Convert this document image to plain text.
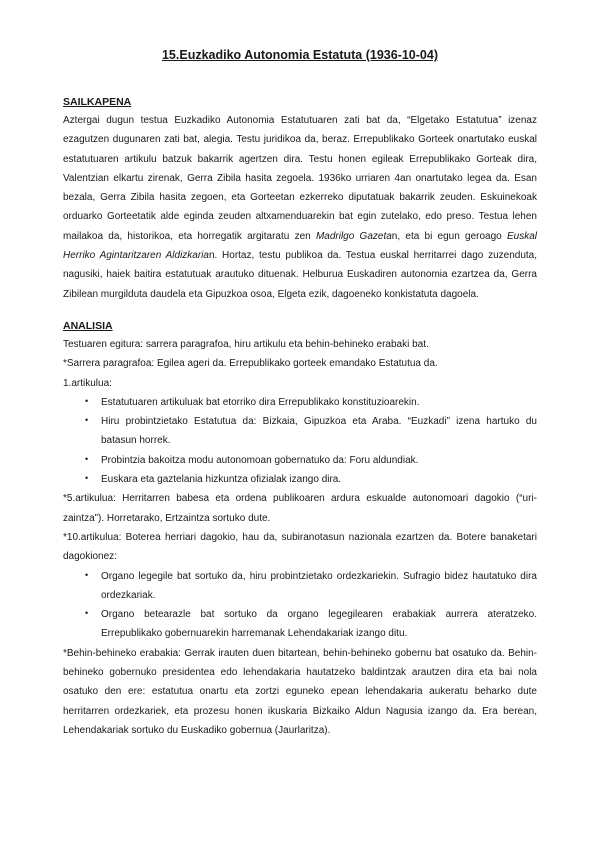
15.Euzkadiko Autonomia Estatuta (1936-10-04)
SAILKAPENA

Aztergai dugun testua Euzkadiko Autonomia Estatutuaren zati bat da, “Elgetako Estatutua” izenaz ezagutzen dugunaren zati bat, alegia. Testu juridikoa da, beraz. Errepublikako Gorteek onartutako euskal estatutuaren artikulu batzuk bakarrik agertzen dira. Testu honen egileak Errepublikako Gorteak dira, Valentzian elkartu zirenak, Gerra Zibila hasita zegoela. 1936ko urriaren 4an onartutako legea da. Esan bezala, Gerra Zibila hasita zegoen, eta Gorteetan ezkerreko diputatuak bakarrik zeuden. Eskuinekoak orduarko Gorteetatik alde eginda zeuden altxamenduarekin bat egin zutelako, edo preso. Testua lehen mailakoa da, historikoa, eta horregatik argitaratu zen Madrilgo Gazetan, eta bi egun geroago Euskal Herriko Agintaritzaren Aldizkarian. Hortaz, testu publikoa da. Testua euskal herritarrei dago zuzenduta, nagusiki, haiek baitira estatutuak arautuko dituenak. Helburua Euskadiren autonomia ezartzea da, Gerra Zibilean murgilduta daudela eta Gipuzkoa osoa, Elgeta ezik, dagoeneko konkistatuta dagoela.

ANALISIA

Testuaren egitura: sarrera paragrafoa, hiru artikulu eta behin-behineko erabaki bat.

*Sarrera paragrafoa: Egilea ageri da. Errepublikako gorteek emandako Estatutua da.

1.artikulua:

• Estatutuaren artikuluak bat etorriko dira Errepublikako konstituzioarekin.
• Hiru probintzietako Estatutua da: Bizkaia, Gipuzkoa eta Araba. “Euzkadi” izena hartuko du batasun horrek.
• Probintzia bakoitza modu autonomoan gobernatuko da: Foru aldundiak.
• Euskara eta gaztelania hizkuntza ofizialak izango dira.

*5.artikulua: Herritarren babesa eta ordena publikoaren ardura eskualde autonomoari dagokio (“uri-zaintza”). Horretarako, Ertzaintza sortuko dute.

*10.artikulua: Boterea herriari dagokio, hau da, subiranotasun nazionala ezartzen da. Botere banaketari dagokionez:

• Organo legegile bat sortuko da, hiru probintzietako ordezkariekin. Sufragio bidez hautatuko dira ordezkariak.
• Organo betearazle bat sortuko da organo legegilearen erabakiak aurrera ateratzeko. Errepublikako gobernuarekin harremanak Lehendakariak izango ditu.

*Behin-behineko erabakia: Gerrak irauten duen bitartean, behin-behineko gobernu bat osatuko da. Behin-behineko gobernuko presidentea edo lehendakaria hautatzeko baldintzak arautzen dira eta bai nola osatuko den ere: estatutua onartu eta zortzi eguneko epean lehendakaria aukeratu beharko dute herritarren ordezkariek, eta prozesu honen ikuskaria Bizkaiko Aldun Nagusia izango da. Era berean, Lehendakariak sortuko du Euskadiko gobernua (Jaurlaritza).
